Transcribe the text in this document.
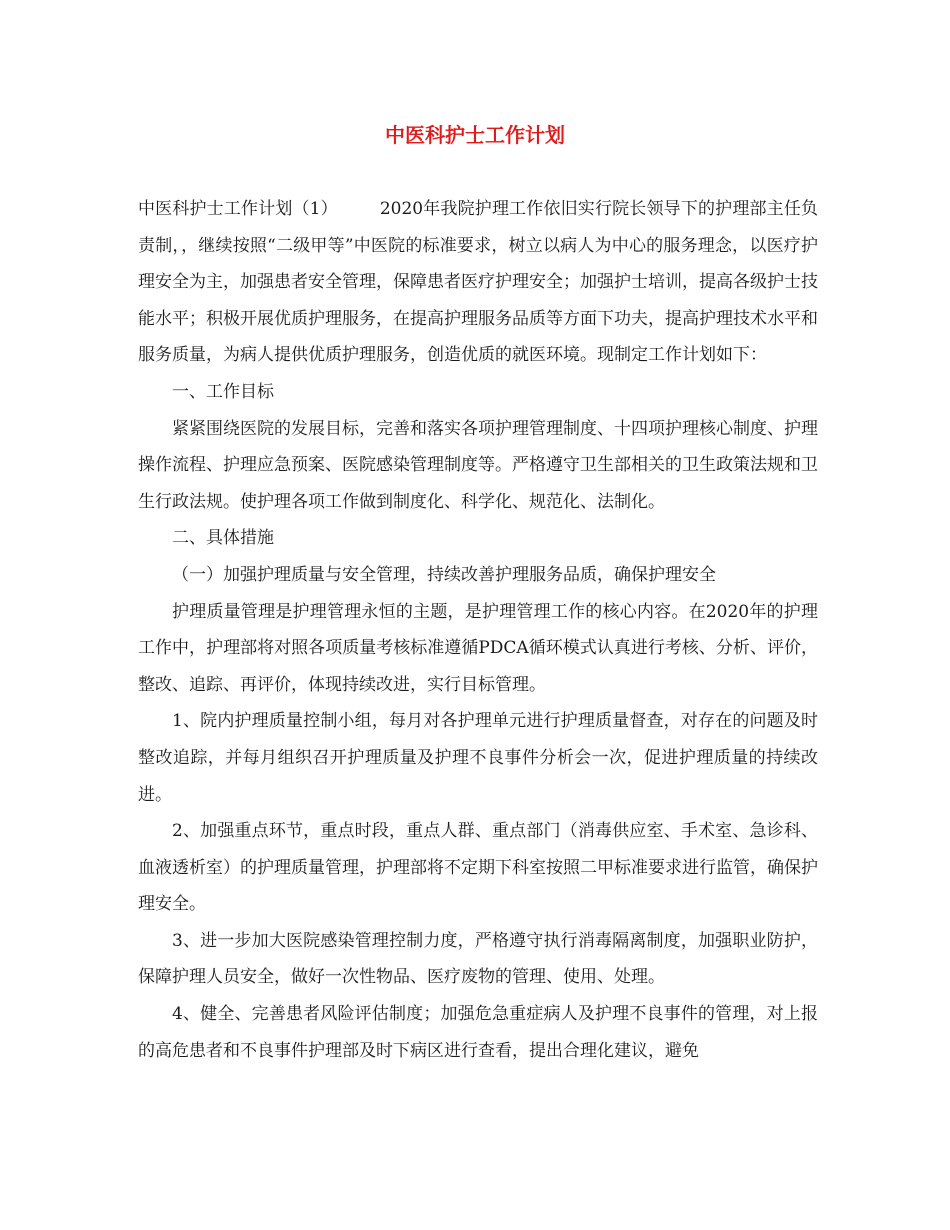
中医科护士工作计划

中医科护士工作计划（1） 2020年我院护理工作依旧实行院长领导下的护理部主任负责制，，继续按照“二级甲等”中医院的标准要求，树立以病人为中心的服务理念，以医疗护理安全为主，加强患者安全管理，保障患者医疗护理安全；加强护士培训，提高各级护士技能水平；积极开展优质护理服务，在提高护理服务品质等方面下功夫，提高护理技术水平和服务质量，为病人提供优质护理服务，创造优质的就医环境。现制定工作计划如下：

一、工作目标

紧紧围绕医院的发展目标，完善和落实各项护理管理制度、十四项护理核心制度、护理操作流程、护理应急预案、医院感染管理制度等。严格遵守卫生部相关的卫生政策法规和卫生行政法规。使护理各项工作做到制度化、科学化、规范化、法制化。

二、具体措施

（一）加强护理质量与安全管理，持续改善护理服务品质，确保护理安全

护理质量管理是护理管理永恒的主题，是护理管理工作的核心内容。在2020年的护理工作中，护理部将对照各项质量考核标准遵循PDCA循环模式认真进行考核、分析、评价，整改、追踪、再评价，体现持续改进，实行目标管理。

1、院内护理质量控制小组，每月对各护理单元进行护理质量督查，对存在的问题及时整改追踪，并每月组织召开护理质量及护理不良事件分析会一次，促进护理质量的持续改进。

2、加强重点环节，重点时段，重点人群、重点部门（消毒供应室、手术室、急诊科、血液透析室）的护理质量管理，护理部将不定期下科室按照二甲标准要求进行监管，确保护理安全。

3、进一步加大医院感染管理控制力度，严格遵守执行消毒隔离制度，加强职业防护，保障护理人员安全，做好一次性物品、医疗废物的管理、使用、处理。

4、健全、完善患者风险评估制度；加强危急重症病人及护理不良事件的管理，对上报的高危患者和不良事件护理部及时下病区进行查看，提出合理化建议，避免
